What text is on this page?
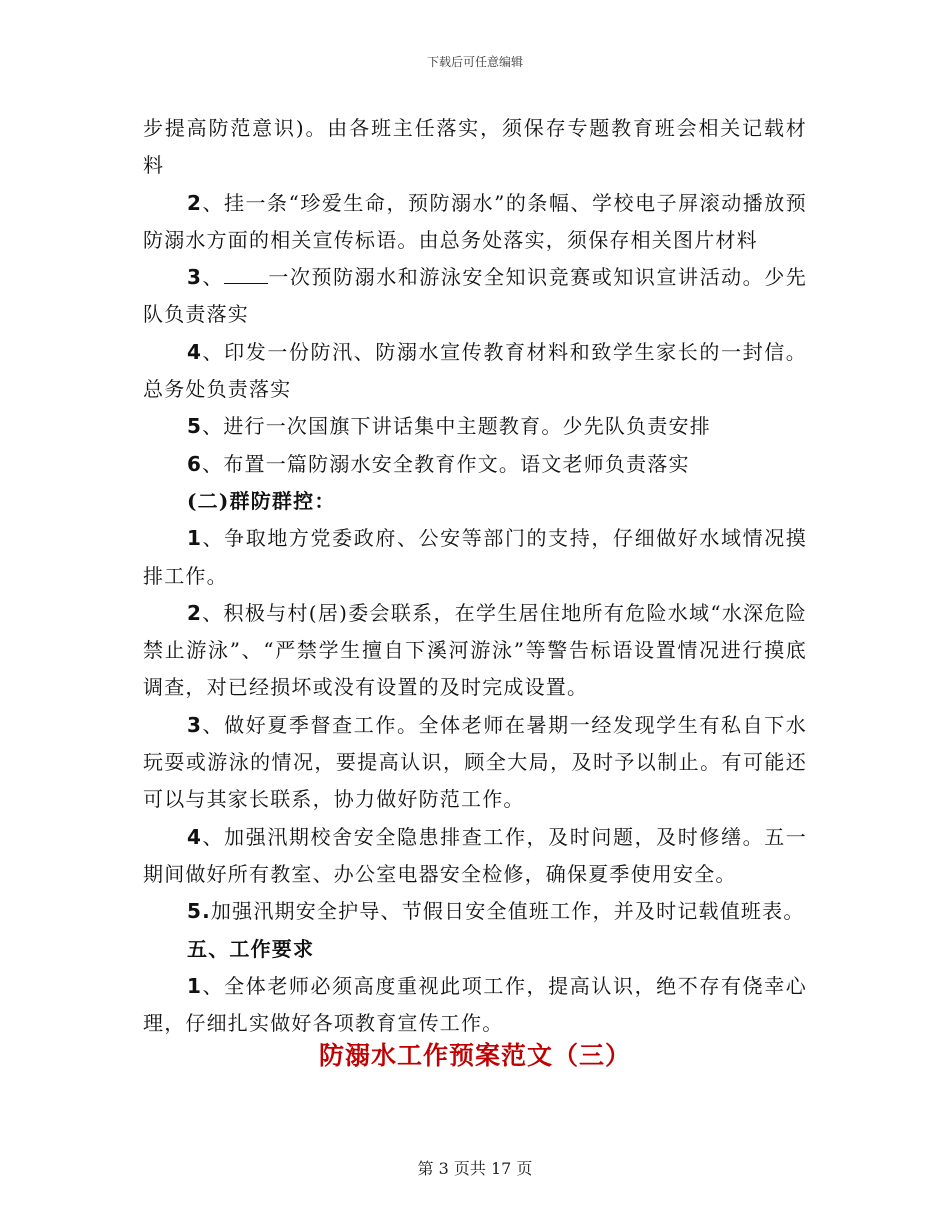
下载后可任意编辑

步提高防范意识)。由各班主任落实，须保存专题教育班会相关记载材料

2、挂一条“珍爱生命，预防溺水”的条幅、学校电子屏滚动播放预防溺水方面的相关宣传标语。由总务处落实，须保存相关图片材料

3、 一次预防溺水和游泳安全知识竞赛或知识宣讲活动。少先队负责落实

4、印发一份防汛、防溺水宣传教育材料和致学生家长的一封信。总务处负责落实

5、进行一次国旗下讲话集中主题教育。少先队负责安排

6、布置一篇防溺水安全教育作文。语文老师负责落实

(二)群防群控：

1、争取地方党委政府、公安等部门的支持，仔细做好水域情况摸排工作。

2、积极与村(居)委会联系，在学生居住地所有危险水域“水深危险禁止游泳”、“严禁学生擅自下溪河游泳”等警告标语设置情况进行摸底调查，对已经损坏或没有设置的及时完成设置。

3、做好夏季督查工作。全体老师在暑期一经发现学生有私自下水玩耍或游泳的情况，要提高认识，顾全大局，及时予以制止。有可能还可以与其家长联系，协力做好防范工作。

4、加强汛期校舍安全隐患排查工作，及时问题，及时修缮。五一期间做好所有教室、办公室电器安全检修，确保夏季使用安全。

5.加强汛期安全护导、节假日安全值班工作，并及时记载值班表。

五、工作要求

1、全体老师必须高度重视此项工作，提高认识，绝不存有侥幸心理，仔细扎实做好各项教育宣传工作。

防溺水工作预案范文（三）
第 3 页共 17 页
